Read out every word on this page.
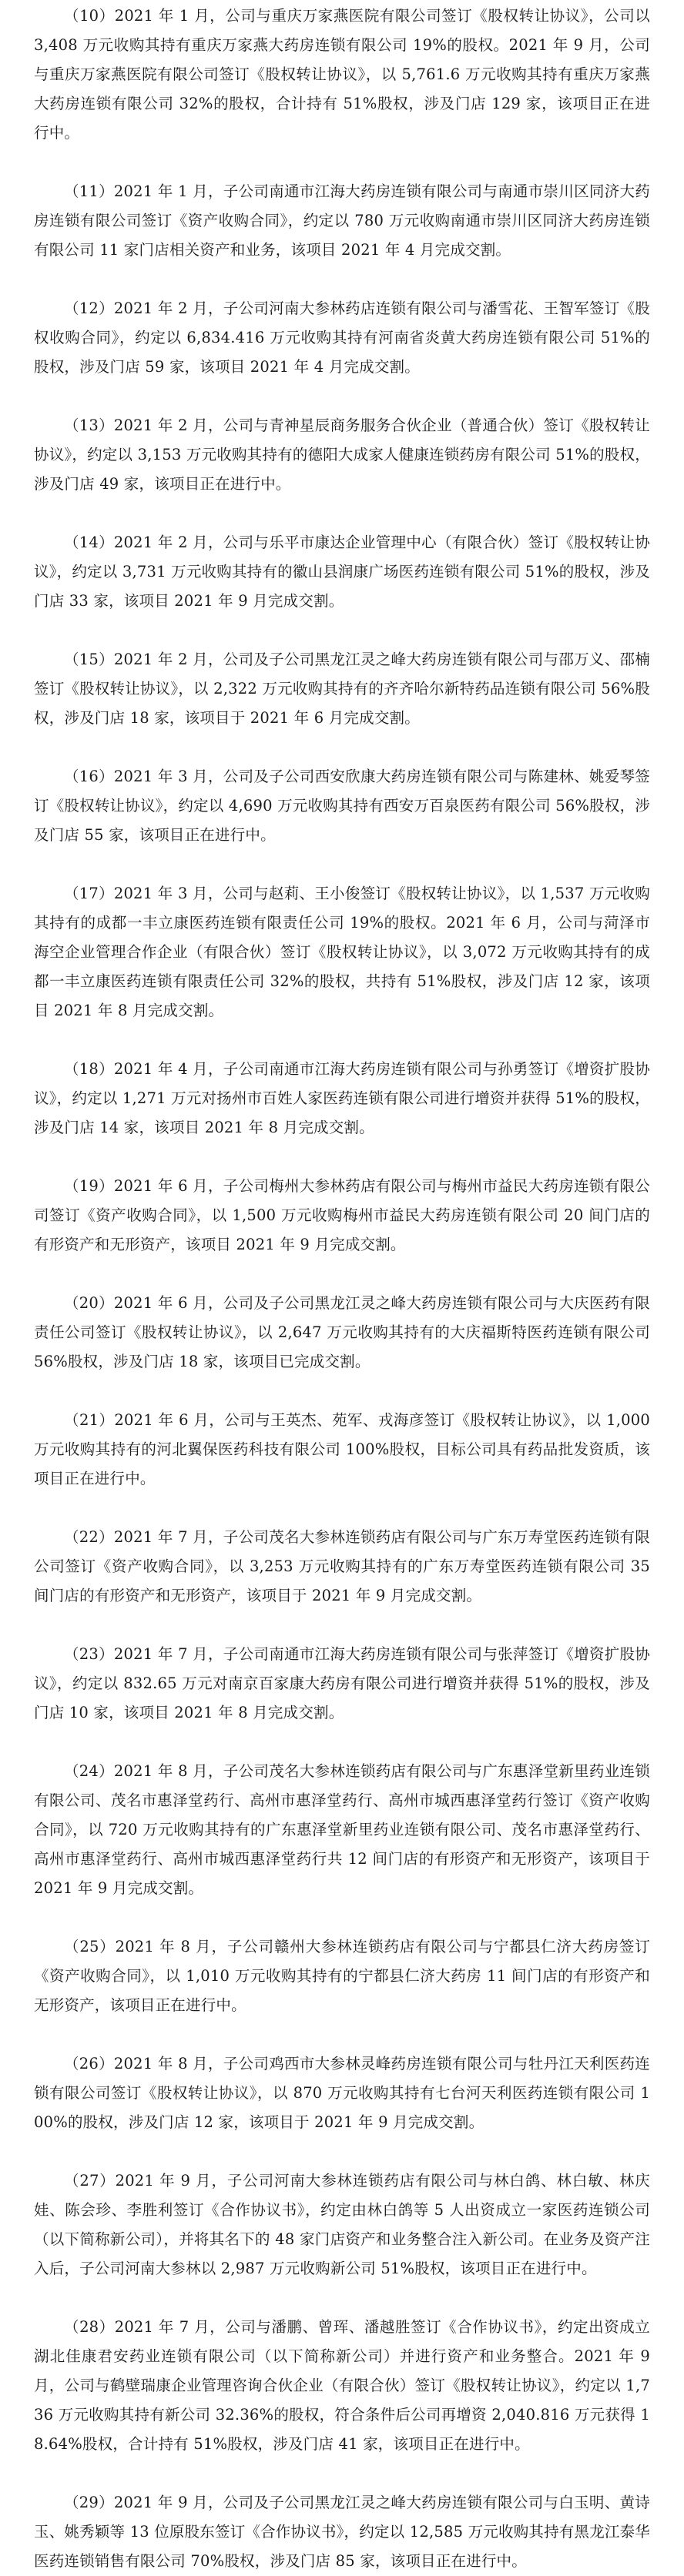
（10）2021 年 1 月，公司与重庆万家燕医院有限公司签订《股权转让协议》，公司以 3,408 万元收购其持有重庆万家燕大药房连锁有限公司 19%的股权。2021 年 9 月，公司与重庆万家燕医院有限公司签订《股权转让协议》，以 5,761.6 万元收购其持有重庆万家燕大药房连锁有限公司 32%的股权，合计持有 51%股权，涉及门店 129 家，该项目正在进行中。

（11）2021 年 1 月，子公司南通市江海大药房连锁有限公司与南通市崇川区同济大药房连锁有限公司签订《资产收购合同》，约定以 780 万元收购南通市崇川区同济大药房连锁有限公司 11 家门店相关资产和业务，该项目 2021 年 4 月完成交割。

（12）2021 年 2 月，子公司河南大参林药店连锁有限公司与潘雪花、王智军签订《股权收购合同》，约定以 6,834.416 万元收购其持有河南省炎黄大药房连锁有限公司 51%的股权，涉及门店 59 家，该项目 2021 年 4 月完成交割。

（13）2021 年 2 月，公司与青神星辰商务服务合伙企业（普通合伙）签订《股权转让协议》，约定以 3,153 万元收购其持有的德阳大成家人健康连锁药房有限公司 51%的股权，涉及门店 49 家，该项目正在进行中。

（14）2021 年 2 月，公司与乐平市康达企业管理中心（有限合伙）签订《股权转让协议》，约定以 3,731 万元收购其持有的徽山县润康广场医药连锁有限公司 51%的股权，涉及门店 33 家，该项目 2021 年 9 月完成交割。

（15）2021 年 2 月，公司及子公司黑龙江灵之峰大药房连锁有限公司与邵万义、邵楠签订《股权转让协议》，以 2,322 万元收购其持有的齐齐哈尔新特药品连锁有限公司 56%股权，涉及门店 18 家，该项目于 2021 年 6 月完成交割。

（16）2021 年 3 月，公司及子公司西安欣康大药房连锁有限公司与陈建林、姚爱琴签订《股权转让协议》，约定以 4,690 万元收购其持有西安万百泉医药有限公司 56%股权，涉及门店 55 家，该项目正在进行中。

（17）2021 年 3 月，公司与赵莉、王小俊签订《股权转让协议》，以 1,537 万元收购其持有的成都一丰立康医药连锁有限责任公司 19%的股权。2021 年 6 月，公司与菏泽市海空企业管理合作企业（有限合伙）签订《股权转让协议》，以 3,072 万元收购其持有的成都一丰立康医药连锁有限责任公司 32%的股权，共持有 51%股权，涉及门店 12 家，该项目 2021 年 8 月完成交割。

（18）2021 年 4 月，子公司南通市江海大药房连锁有限公司与孙勇签订《增资扩股协议》，约定以 1,271 万元对扬州市百姓人家医药连锁有限公司进行增资并获得 51%的股权，涉及门店 14 家，该项目 2021 年 8 月完成交割。

（19）2021 年 6 月，子公司梅州大参林药店有限公司与梅州市益民大药房连锁有限公司签订《资产收购合同》，以 1,500 万元收购梅州市益民大药房连锁有限公司 20 间门店的有形资产和无形资产，该项目 2021 年 9 月完成交割。

（20）2021 年 6 月，公司及子公司黑龙江灵之峰大药房连锁有限公司与大庆医药有限责任公司签订《股权转让协议》，以 2,647 万元收购其持有的大庆福斯特医药连锁有限公司 56%股权，涉及门店 18 家，该项目已完成交割。

（21）2021 年 6 月，公司与王英杰、苑军、戎海彦签订《股权转让协议》，以 1,000 万元收购其持有的河北翼保医药科技有限公司 100%股权，目标公司具有药品批发资质，该项目正在进行中。

（22）2021 年 7 月，子公司茂名大参林连锁药店有限公司与广东万寿堂医药连锁有限公司签订《资产收购合同》，以 3,253 万元收购其持有的广东万寿堂医药连锁有限公司 35 间门店的有形资产和无形资产，该项目于 2021 年 9 月完成交割。

（23）2021 年 7 月，子公司南通市江海大药房连锁有限公司与张萍签订《增资扩股协议》，约定以 832.65 万元对南京百家康大药房有限公司进行增资并获得 51%的股权，涉及门店 10 家，该项目 2021 年 8 月完成交割。

（24）2021 年 8 月，子公司茂名大参林连锁药店有限公司与广东惠泽堂新里药业连锁有限公司、茂名市惠泽堂药行、高州市惠泽堂药行、高州市城西惠泽堂药行签订《资产收购合同》，以 720 万元收购其持有的广东惠泽堂新里药业连锁有限公司、茂名市惠泽堂药行、高州市惠泽堂药行、高州市城西惠泽堂药行共 12 间门店的有形资产和无形资产，该项目于 2021 年 9 月完成交割。

（25）2021 年 8 月，子公司赣州大参林连锁药店有限公司与宁都县仁济大药房签订《资产收购合同》，以 1,010 万元收购其持有的宁都县仁济大药房 11 间门店的有形资产和无形资产，该项目正在进行中。

（26）2021 年 8 月，子公司鸡西市大参林灵峰药房连锁有限公司与牡丹江天利医药连锁有限公司签订《股权转让协议》，以 870 万元收购其持有七台河天利医药连锁有限公司 100%的股权，涉及门店 12 家，该项目于 2021 年 9 月完成交割。

（27）2021 年 9 月，子公司河南大参林连锁药店有限公司与林白鸽、林白敏、林庆娃、陈会珍、李胜利签订《合作协议书》，约定由林白鸽等 5 人出资成立一家医药连锁公司（以下简称新公司），并将其名下的 48 家门店资产和业务整合注入新公司。在业务及资产注入后，子公司河南大参林以 2,987 万元收购新公司 51%股权，该项目正在进行中。

（28）2021 年 7 月，公司与潘鹏、曾珲、潘越胜签订《合作协议书》，约定出资成立湖北佳康君安药业连锁有限公司（以下简称新公司）并进行资产和业务整合。2021 年 9 月，公司与鹤壁瑞康企业管理咨询合伙企业（有限合伙）签订《股权转让协议》，约定以 1,736 万元收购其持有新公司 32.36%的股权，符合条件后公司再增资 2,040.816 万元获得 18.64%股权，合计持有 51%股权，涉及门店 41 家，该项目正在进行中。

（29）2021 年 9 月，公司及子公司黑龙江灵之峰大药房连锁有限公司与白玉明、黄诗玉、姚秀颖等 13 位原股东签订《合作协议书》，约定以 12,585 万元收购其持有黑龙江泰华医药连锁销售有限公司 70%股权，涉及门店 85 家，该项目正在进行中。
